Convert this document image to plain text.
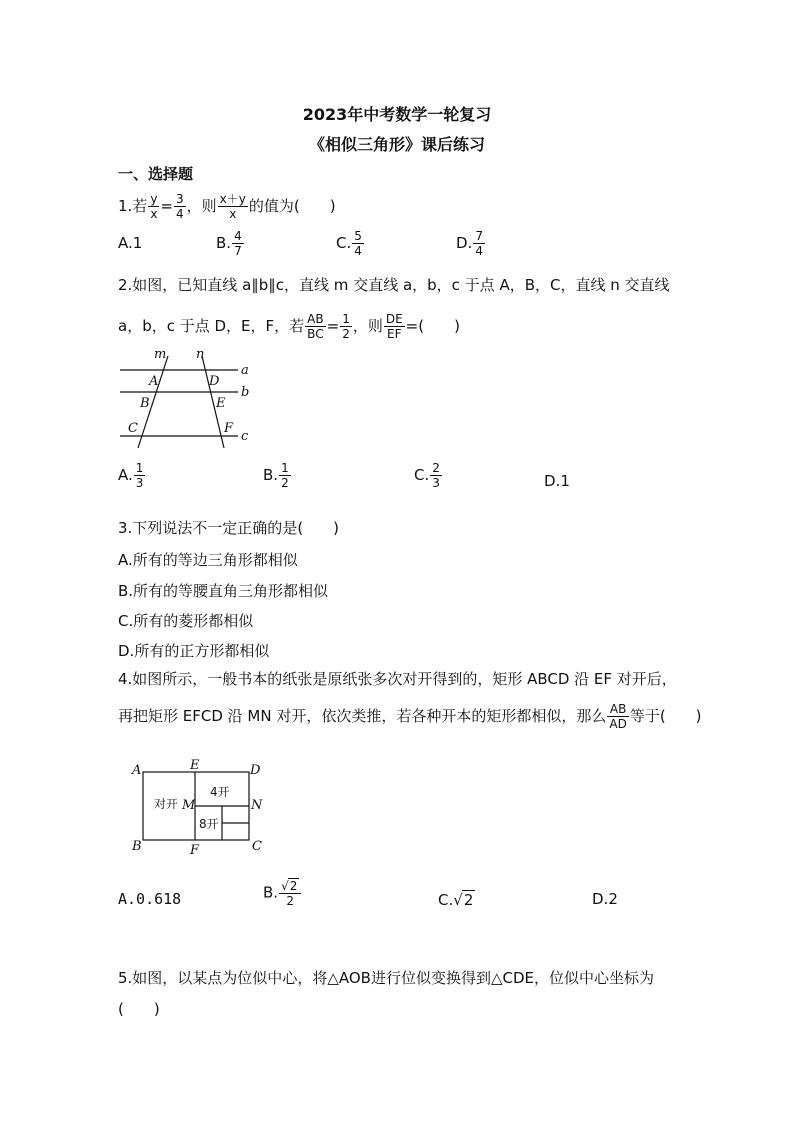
2023年中考数学一轮复习
《相似三角形》课后练习
一、选择题
1.若 $\frac{y}{x} = \frac{3}{4}$ ，则 $\frac{x+y}{x}$ 的值为(　　)
A.1	B. $\frac{4}{7}$	C. $\frac{5}{4}$	D. $\frac{7}{4}$
2.如图，已知直线 a∥b∥c，直线 m 交直线 a，b，c 于点 A，B，C，直线 n 交直线
a，b，c 于点 D，E，F，若 $\frac{AB}{BC} = \frac{1}{2}$ ，则 $\frac{DE}{EF}$ =(　　)
m n
a
b
c
A
B
C
D
E
F
A. $\frac{1}{3}$	B. $\frac{1}{2}$	C. $\frac{2}{3}$	D.1
3.下列说法不一定正确的是(　　)
A.所有的等边三角形都相似
B.所有的等腰直角三角形都相似
C.所有的菱形都相似
D.所有的正方形都相似
4.如图所示，一般书本的纸张是原纸张多次对开得到的，矩形 ABCD 沿 EF 对开后，
再把矩形 EFCD 沿 MN 对开，依次类推，若各种开本的矩形都相似，那么 $\frac{AB}{AD}$ 等于(　　)
A
B	C
D
E
F
M	N
对开
4开
8开
A.0.618	B. $\frac{√2}{2}$	C.√2	D.2
5.如图，以某点为位似中心，将△AOB进行位似变换得到△CDE，位似中心坐标为
(　　)
